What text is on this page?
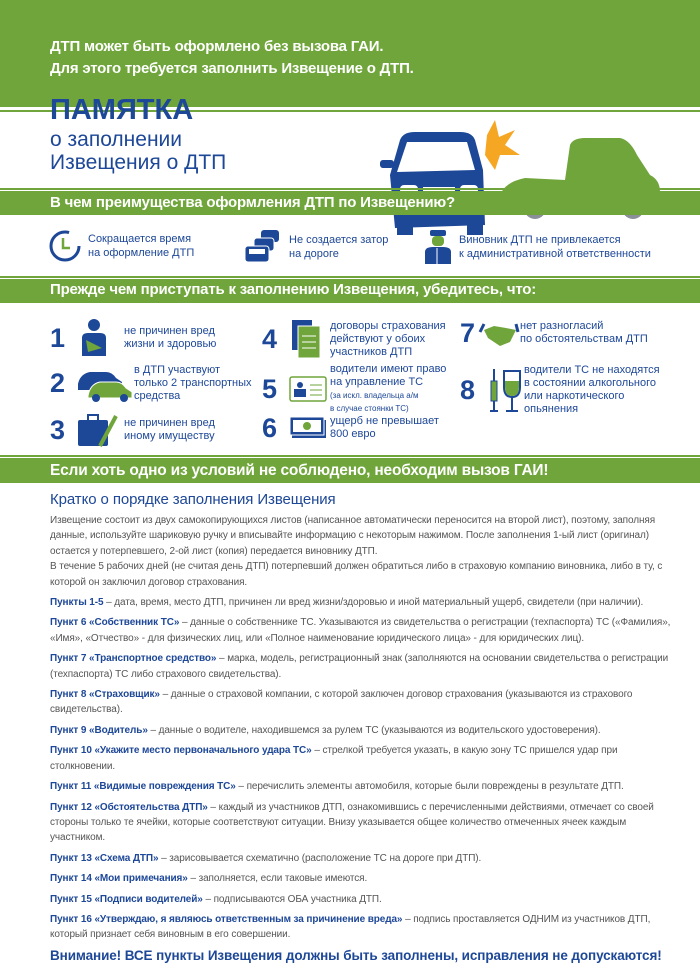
ДТП может быть оформлено без вызова ГАИ.
Для этого требуется заполнить Извещение о ДТП.
ПАМЯТКА
о заполнении
Извещения о ДТП
В чем преимущества оформления ДТП по Извещению?
Сокращается время
на оформление ДТП
Не создается затор
на дороге
Виновник ДТП не привлекается
к административной ответственности
Прежде чем приступать к заполнению Извещения, убедитесь, что:
1	не причинен вред
жизни и здоровью
2	в ДТП участвуют
только 2 транспортных
средства
3	не причинен вред
иному имуществу
4	договоры страхования
действуют у обоих
участников ДТП
5
водители имеют право
на управление ТС
(за искл. владельца а/м
в случае стоянки ТС)
6	ущерб не превышает
800 евро
7	нет разногласий
по обстоятельствам ДТП
8
водители ТС не находятся
в состоянии алкогольного
или наркотического
опьянения
Если хоть одно из условий не соблюдено, необходим вызов ГАИ!
Кратко о порядке заполнения Извещения

Извещение состоит из двух самокопирующихся листов (написанное автоматически переносится на второй лист), поэтому, заполняя данные, используйте шариковую ручку и вписывайте информацию с некоторым нажимом. После заполнения 1-ый лист (оригинал) остается у потерпевшего, 2-ой лист (копия) передается виновнику ДТП.

В течение 5 рабочих дней (не считая день ДТП) потерпевший должен обратиться либо в страховую компанию виновника, либо в ту, с которой он заключил договор страхования.

Пункты 1-5 – дата, время, место ДТП, причинен ли вред жизни/здоровью и иной материальный ущерб, свидетели (при наличии).

Пункт 6 «Собственник ТС» – данные о собственнике ТС. Указываются из свидетельства о регистрации (техпаспорта) ТС («Фамилия», «Имя», «Отчество» - для физических лиц, или «Полное наименование юридического лица» - для юридических лиц).

Пункт 7 «Транспортное средство» – марка, модель, регистрационный знак (заполняются на основании свидетельства о регистрации (техпаспорта) ТС либо страхового свидетельства).

Пункт 8 «Страховщик» – данные о страховой компании, с которой заключен договор страхования (указываются из страхового свидетельства).

Пункт 9 «Водитель» – данные о водителе, находившемся за рулем ТС (указываются из водительского удостоверения).

Пункт 10 «Укажите место первоначального удара ТС» – стрелкой требуется указать, в какую зону ТС пришелся удар при столкновении.

Пункт 11 «Видимые повреждения ТС» – перечислить элементы автомобиля, которые были повреждены в результате ДТП.

Пункт 12 «Обстоятельства ДТП» – каждый из участников ДТП, ознакомившись с перечисленными действиями, отмечает со своей стороны только те ячейки, которые соответствуют ситуации. Внизу указывается общее количество отмеченных ячеек каждым участником.

Пункт 13 «Схема ДТП» – зарисовывается схематично (расположение ТС на дороге при ДТП).

Пункт 14 «Мои примечания» – заполняется, если таковые имеются.

Пункт 15 «Подписи водителей» – подписываются ОБА участника ДТП.

Пункт 16 «Утверждаю, я являюсь ответственным за причинение вреда» – подпись проставляется ОДНИМ из участников ДТП, который признает себя виновным в его совершении.

Внимание! ВСЕ пункты Извещения должны быть заполнены, исправления не допускаются!
